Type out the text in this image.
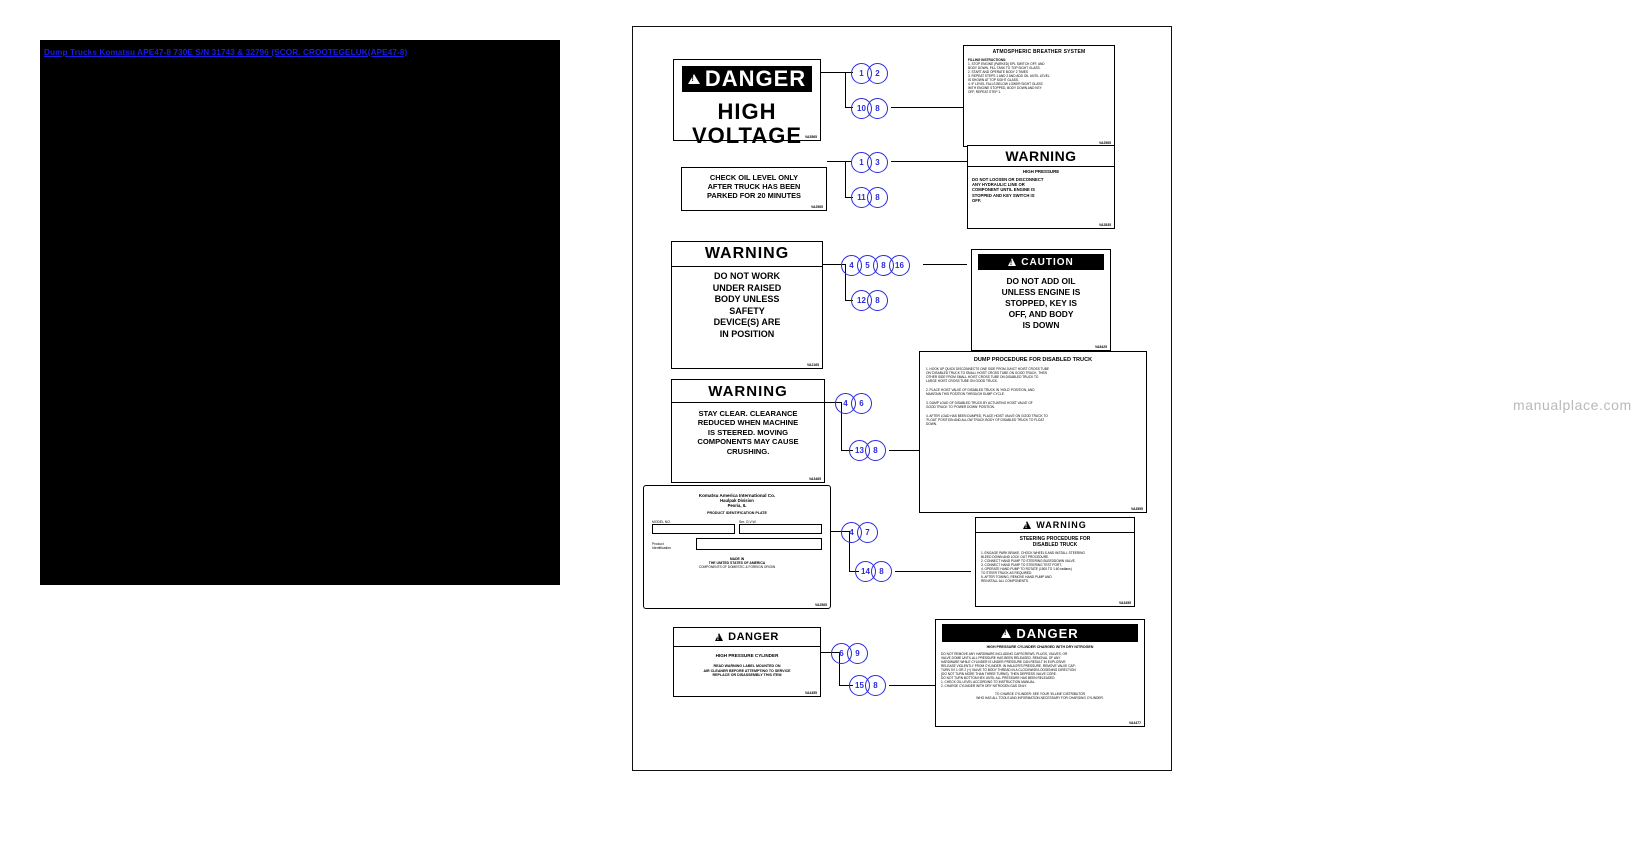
Dump Trucks Komatsu APE47-8 730E S/N 31743 & 32796 (SCOR. CROOTEGELUK(APE47-8)
manualplace.com
!
DANGER
HIGH VOLTAGE VA3565
ATMOSPHERIC BREATHER SYSTEM
FILLING INSTRUCTIONS:
1. STOP ENGINE (PARKED) EPL SWITCH OFF, AND
BODY DOWN, FILL TANK TO TOP SIGHT GLASS.
2. START AND OPERATE BODY 2 TIMES
3. REPEAT STEPS 1 AND 2 AND ADD OIL UNTIL LEVEL
IS SHOWN AT TOP SIGHT GLASS.
4. IF LEVEL FALLS BELOW LOWER SIGHT GLASS
WITH ENGINE STOPPED, BODY DOWN AND KEY
OFF, REPEAT STEP 1.
VA2565
1	2
10	8
CHECK OIL LEVEL ONLY
AFTER TRUCK HAS BEEN
PARKED FOR 20 MINUTES
VA2565
1	3
11	8
WARNING
HIGH PRESSURE
DO NOT LOOSEN OR DISCONNECT
ANY HYDRAULIC LINE OR
COMPONENT UNTIL ENGINE IS
STOPPED AND KEY SWITCH IS
OFF.
VA2835
WARNING
DO NOT WORK
UNDER RAISED
BODY UNLESS
SAFETY
DEVICE(S) ARE
IN POSITION
VA2165
4	5	8	16
12	8
!
CAUTION
DO NOT ADD OIL
UNLESS ENGINE IS
STOPPED, KEY IS
OFF, AND BODY
IS DOWN
VA8425
WARNING
STAY CLEAR. CLEARANCE
REDUCED WHEN MACHINE
IS STEERED. MOVING
COMPONENTS MAY CAUSE
CRUSHING.
VA3465
4	6
13	8
DUMP PROCEDURE FOR DISABLED TRUCK
1. HOOK UP QUICK DISCONNECTS ONE SIDE FROM JUNCT HOIST CROSS TUBE
ON 'DISABLED TRUCK TO SMALL HOIST CROSS TUBE ON GOOD TRUCK, THEN
OTHER SIDE FROM SMALL HOIST CROSS TUBE ON DISABLED TRUCK TO
LARGE HOIST CROSS TUBE ON GOOD TRUCK.
2. PLACE HOIST VALVE OF DISABLED TRUCK IN 'HOLD' POSITION, AND
MAINTAIN THIS POSITION THROUGH DUMP CYCLE.
3. DUMP LOAD OF DISABLED TRUCK BY ACTUATING HOIST VALVE OF
GOOD TRUCK TO 'POWER DOWN' POSITION.
4. AFTER LOAD HAS BEEN DUMPED, PLACE HOIST VALVE ON GOOD TRUCK TO
'FLOAT' POSITION AND ALLOW TRUCK BODY OF DISABLED TRUCK TO FLOAT
DOWN.
VA3555
Komatsu America International Co.
Haulpak Division
Peoria, IL
PRODUCT IDENTIFICATION PLATE
MODEL NO.	Ser. G.V.W.
Product
Identification
MADE IN
THE UNITED STATES OF AMERICA
COMPONENTS OF DOMESTIC & FOREIGN ORIGIN
VA2565
4	7
14	8
!
WARNING
STEERING PROCEDURE FOR
DISABLED TRUCK
1. ENGAGE PARK BRAKE, CHOCK WHEELS AND INSTALL STEERING
BLEED DOWN AND LOCK OUT PROCEDURE.
2. CONNECT HAND PUMP TO STEERING BLEEDDOWN VALVE.
3. CONNECT HAND PUMP TO STEERING TEST PORT.
4. OPERATE HAND PUMP TO ROTATE (1500 TO 1.60 radians)
TO STEER TRUCK AS REQUIRED.
5. AFTER TOWING, REMOVE HAND PUMP AND
REINSTALL ALL COMPONENTS.
VA3455
!
DANGER
HIGH PRESSURE CYLINDER
READ WARNING LABEL MOUNTED ON
AIR CLEANER BEFORE ATTEMPTING TO SERVICE
REPLACE OR DISASSEMBLY THIS ITEM
VA4455
6	9
15	8
!
DANGER
HIGH PRESSURE CYLINDER CHARGED WITH DRY NITROGEN
DO NOT REMOVE ANY HARDWARE INCLUDING CAPSCREWS, PLUGS, VALVES, OR
VALVE DOME UNTIL ALL PRESSURE HAS BEEN RELEASED. REMOVAL OF ANY
HARDWARE WHILE CYLINDER IS UNDER PRESSURE CAN RESULT IN EXPLOSIVE
RELEASE VIOLENTLY FROM CYLINDER. IN HAULER'S PRESSURE, REMOVE VALVE CAP;
TURN 'IN' 1 OR 2 (+) VALVE TO BODY THREAD IN A CLOCKWISE/LOOSENING DIRECTION
(DO NOT TURN MORE THAN THREE TURNS). THEN DEPRESS VALVE CORE.
DO NOT TURN BOTTOM HEX UNTIL ALL PRESSURE HAS BEEN RELEASED.
1. CHECK OIL LEVEL ACCORDING TO INSTRUCTION MANUAL.
2. CHARGE CYLINDER WITH DRY NITROGEN GAS ONLY.
TO CHARGE CYLINDER: SEE YOUR 'IN-LINE' DISTRIBUTOR
WHO HAS ALL TOOLS AND INFORMATION NECESSARY FOR CHARGING CYLINDER.
VA4477
